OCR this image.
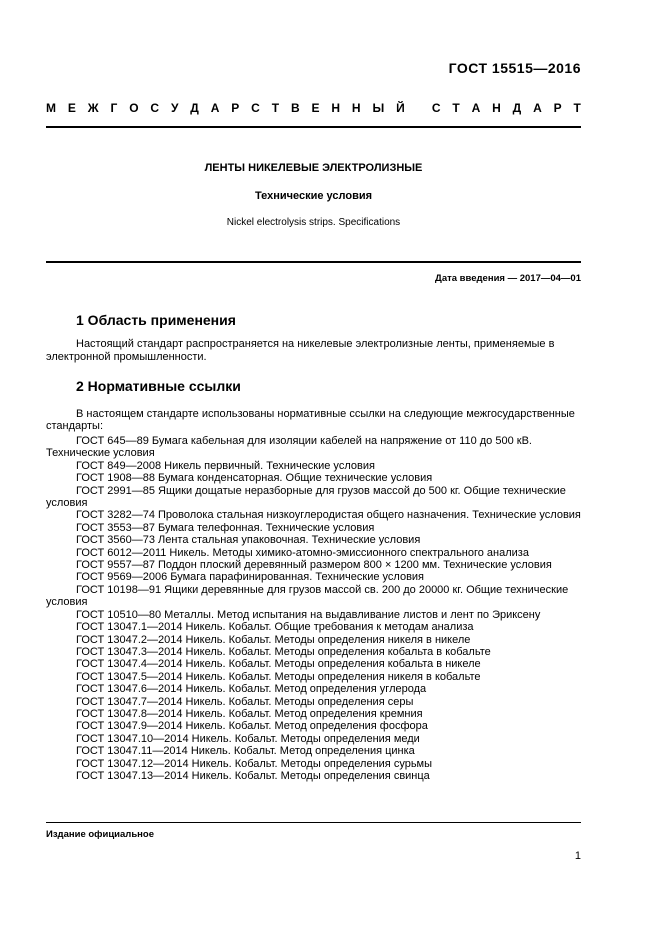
ГОСТ 15515—2016
М Е Ж Г О С У Д А Р С Т В Е Н Н Ы Й
С Т А Н Д А Р Т
ЛЕНТЫ НИКЕЛЕВЫЕ ЭЛЕКТРОЛИЗНЫЕ
Технические условия
Nickel electrolysis strips. Specifications
Дата введения — 2017—04—01
1 Область применения
Настоящий стандарт распространяется на никелевые электролизные ленты, применяемые в электронной промышленности.
2 Нормативные ссылки
В настоящем стандарте использованы нормативные ссылки на следующие межгосударственные стандарты:

ГОСТ 645—89 Бумага кабельная для изоляции кабелей на напряжение от 110 до 500 кВ. Технические условия

ГОСТ 849—2008 Никель первичный. Технические условия

ГОСТ 1908—88 Бумага конденсаторная. Общие технические условия

ГОСТ 2991—85 Ящики дощатые неразборные для грузов массой до 500 кг. Общие технические условия

ГОСТ 3282—74 Проволока стальная низкоуглеродистая общего назначения. Технические условия

ГОСТ 3553—87 Бумага телефонная. Технические условия

ГОСТ 3560—73 Лента стальная упаковочная. Технические условия

ГОСТ 6012—2011 Никель. Методы химико-атомно-эмиссионного спектрального анализа

ГОСТ 9557—87 Поддон плоский деревянный размером 800 × 1200 мм. Технические условия

ГОСТ 9569—2006 Бумага парафинированная. Технические условия

ГОСТ 10198—91 Ящики деревянные для грузов массой св. 200 до 20000 кг. Общие технические условия

ГОСТ 10510—80 Металлы. Метод испытания на выдавливание листов и лент по Эриксену

ГОСТ 13047.1—2014 Никель. Кобальт. Общие требования к методам анализа

ГОСТ 13047.2—2014 Никель. Кобальт. Методы определения никеля в никеле

ГОСТ 13047.3—2014 Никель. Кобальт. Методы определения кобальта в кобальте

ГОСТ 13047.4—2014 Никель. Кобальт. Методы определения кобальта в никеле

ГОСТ 13047.5—2014 Никель. Кобальт. Методы определения никеля в кобальте

ГОСТ 13047.6—2014 Никель. Кобальт. Метод определения углерода

ГОСТ 13047.7—2014 Никель. Кобальт. Методы определения серы

ГОСТ 13047.8—2014 Никель. Кобальт. Метод определения кремния

ГОСТ 13047.9—2014 Никель. Кобальт. Метод определения фосфора

ГОСТ 13047.10—2014 Никель. Кобальт. Методы определения меди

ГОСТ 13047.11—2014 Никель. Кобальт. Метод определения цинка

ГОСТ 13047.12—2014 Никель. Кобальт. Методы определения сурьмы

ГОСТ 13047.13—2014 Никель. Кобальт. Методы определения свинца

Издание официальное
1
